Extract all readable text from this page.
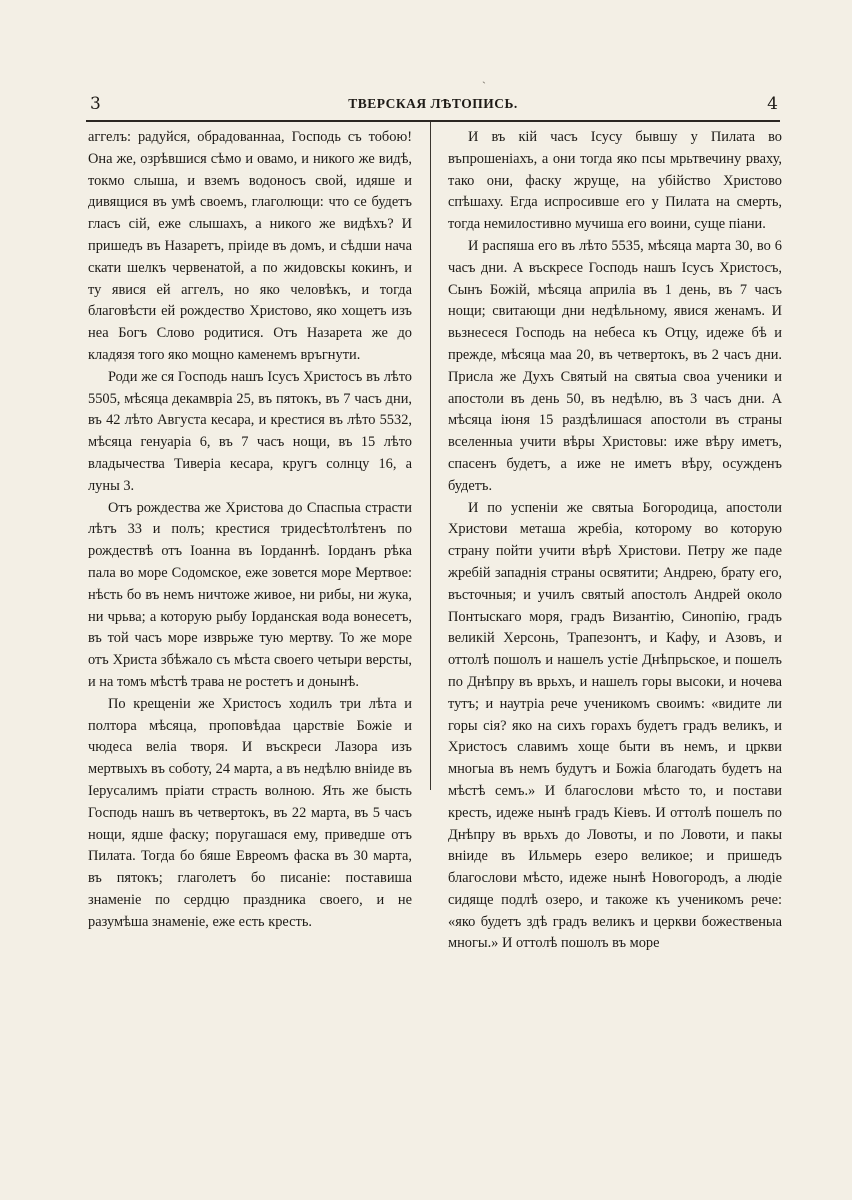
ˏ
3	ТВЕРСКАЯ ЛѢТОПИСЬ.	4

аггелъ: радуйся, обрадованнаа, Господь съ тобою! Она же, озрѣвшися сѣмо и овамо, и никого же видѣ, токмо слыша, и вземъ водоносъ свой, идяше и дивящися въ умѣ своемъ, глаголющи: что се будетъ гласъ сій, еже слышахъ, а никого же видѣхъ? И пришедъ въ Назаретъ, пріиде въ домъ, и сѣдши нача скати шелкъ червенатой, а по жидовскы кокинъ, и ту явися ей аггелъ, но яко человѣкъ, и тогда благовѣсти ей рождество Христово, яко хощетъ изъ неа Богъ Слово родитися. Отъ Назарета же до кладязя того яко мощно каменемъ връгнути.

Роди же ся Господь нашъ Iсусъ Христосъ въ лѣто 5505, мѣсяца декамврiа 25, въ пятокъ, въ 7 часъ дни, въ 42 лѣто Августа кесара, и крестися въ лѣто 5532, мѣсяца генуарiа 6, въ 7 часъ нощи, въ 15 лѣто владычества Тиверiа кесара, кругъ солнцу 16, а луны 3.

Отъ рождества же Христова до Спаспыа страсти лѣтъ 33 и полъ; крестися тридесѣтолѣтенъ по рождествѣ отъ Iоанна въ Iорданнѣ. Iорданъ рѣка пала во море Содомское, еже зовется море Мертвое: нѣсть бо въ немъ ничтоже живое, ни рибы, ни жука, ни чрьва; а которую рыбу Iорданская вода вонесетъ, въ той часъ море изврьже тую мертву. То же море отъ Христа збѣжало съ мѣста своего четыри версты, и на томъ мѣстѣ трава не ростетъ и донынѣ.

По крещенiи же Христосъ ходилъ три лѣта и полтора мѣсяца, проповѣдаа царствiе Божiе и чюдеса веліа творя. И въскреси Лазора изъ мертвыхъ въ соботу, 24 марта, а въ недѣлю внiиде въ Iерусалимъ пріати страсть волною. Ять же бысть Господь нашъ въ четвертокъ, въ 22 марта, въ 5 часъ нощи, ядше фаску; поругашася ему, приведше отъ Пилата. Тогда бо бяше Евреомъ фаска въ 30 марта, въ пятокъ; глаголетъ бо писанiе: поставиша знаменiе по сердцю праздника своего, и не разумѣша знаменiе, еже есть кресть.

И въ кій часъ Iсусу бывшу у Пилата во въпрошенiахъ, а они тогда яко псы мрьтвечину рваху, тако они, фаску жруще, на убiйство Христово спѣшаху. Егда испросивше его у Пилата на смерть, тогда немилостивно мучиша его воини, суще пiани.

И распяша его въ лѣто 5535, мѣсяца марта 30, во 6 часъ дни. А въскресе Господь нашъ Iсусъ Христосъ, Сынъ Божiй, мѣсяца априліа въ 1 день, въ 7 часъ нощи; свитающи дни недѣльному, явися женамъ. И вьзнесеся Господь на небеса къ Отцу, идеже бѣ и прежде, мѣсяца маа 20, въ четвертокъ, въ 2 часъ дни. Присла же Духъ Святый на святыа своа ученики и апостоли въ день 50, въ недѣлю, въ 3 часъ дни. А мѣсяца iюня 15 раздѣлишася апостоли въ страны вселенныа учити вѣры Христовы: иже вѣру иметъ, спасенъ будетъ, а иже не иметъ вѣру, осужденъ будетъ.

И по успенiи же святыа Богородица, апостоли Христови меташа жребiа, которому во которую страну пойти учити вѣрѣ Христови. Петру же паде жребiй западнiя страны освятити; Андрею, брату его, въсточныя; и училъ святый апостолъ Андрей около Понтыскаго моря, градъ Византiю, Синопiю, градъ великiй Херсонь, Трапезонтъ, и Кафу, и Азовъ, и оттолѣ пошолъ и нашелъ устiе Днѣпрьское, и пошелъ по Днѣпру въ врьхъ, и нашелъ горы высоки, и ночева тутъ; и наутрiа рече ученикомъ своимъ: «видите ли горы сiя? яко на сихъ горахъ будетъ градъ великъ, и Христосъ славимъ хоще быти въ немъ, и цркви многыа въ немъ будутъ и Божiа благодать будетъ на мѣстѣ семъ.» И благослови мѣсто то, и постави кресть, идеже нынѣ градъ Кiевъ. И оттолѣ пошелъ по Днѣпру въ врьхъ до Ловоты, и по Ловоти, и пакы внiиде въ Ильмерь езеро великое; и пришедъ благослови мѣсто, идеже нынѣ Новогородъ, а людiе сидяще подлѣ озеро, и такоже къ ученикомъ рече: «яко будетъ здѣ градъ великъ и церкви божественыа многы.» И оттолѣ пошолъ въ море
